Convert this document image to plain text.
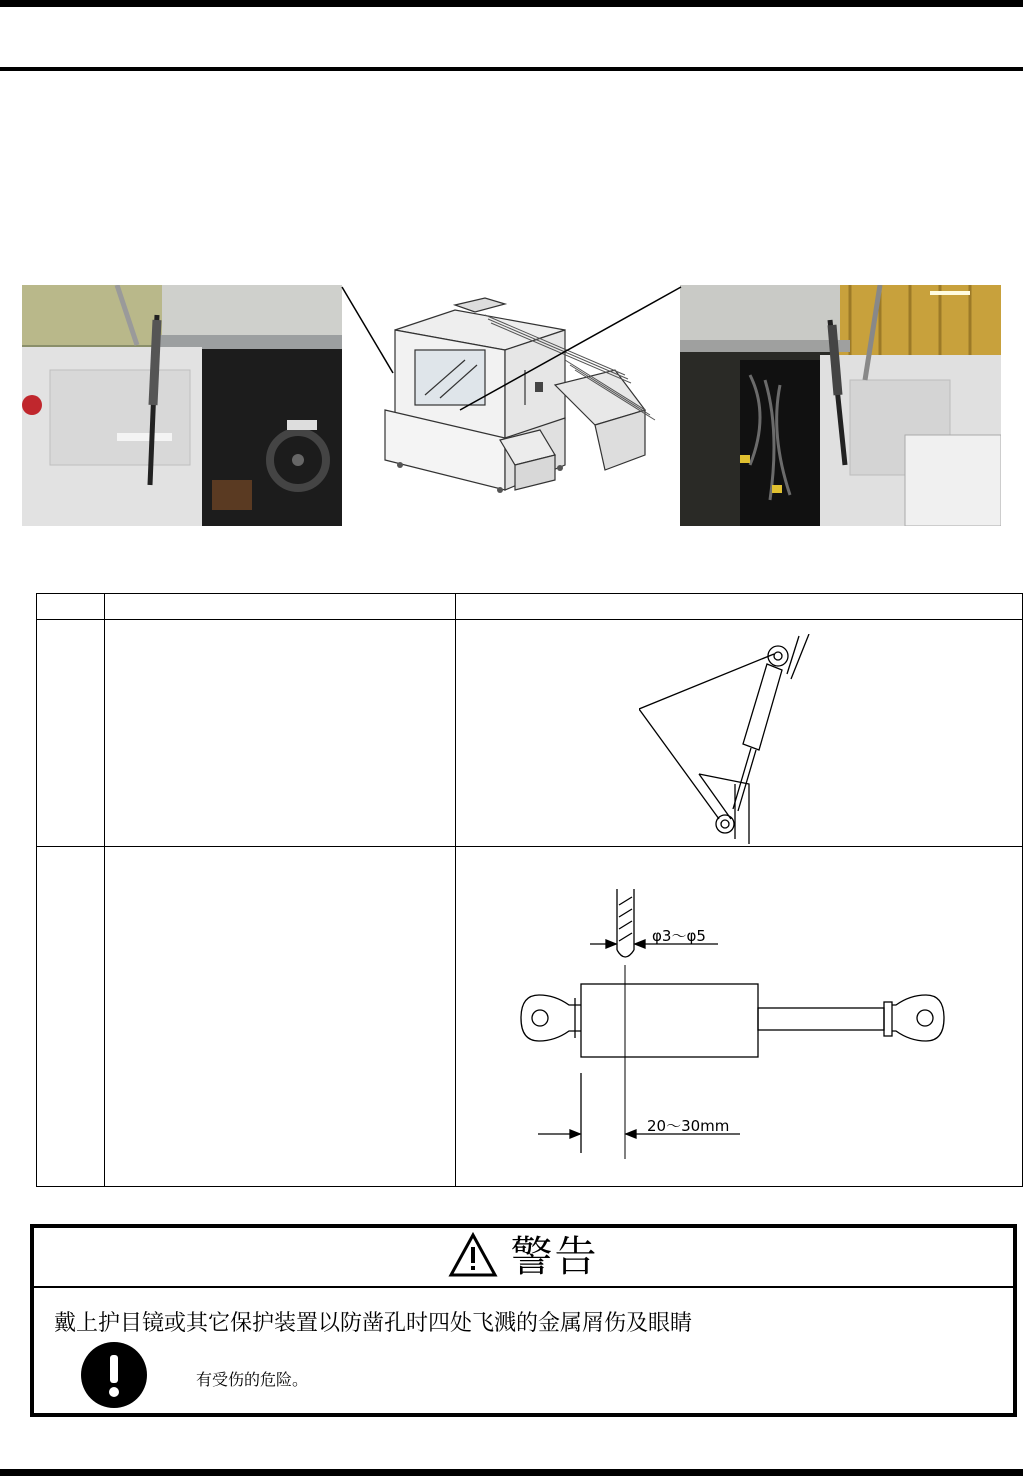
		φ3～φ5
20～30mm
警告
戴上护目镜或其它保护装置以防凿孔时四处飞溅的金属屑伤及眼睛
有受伤的危险。
